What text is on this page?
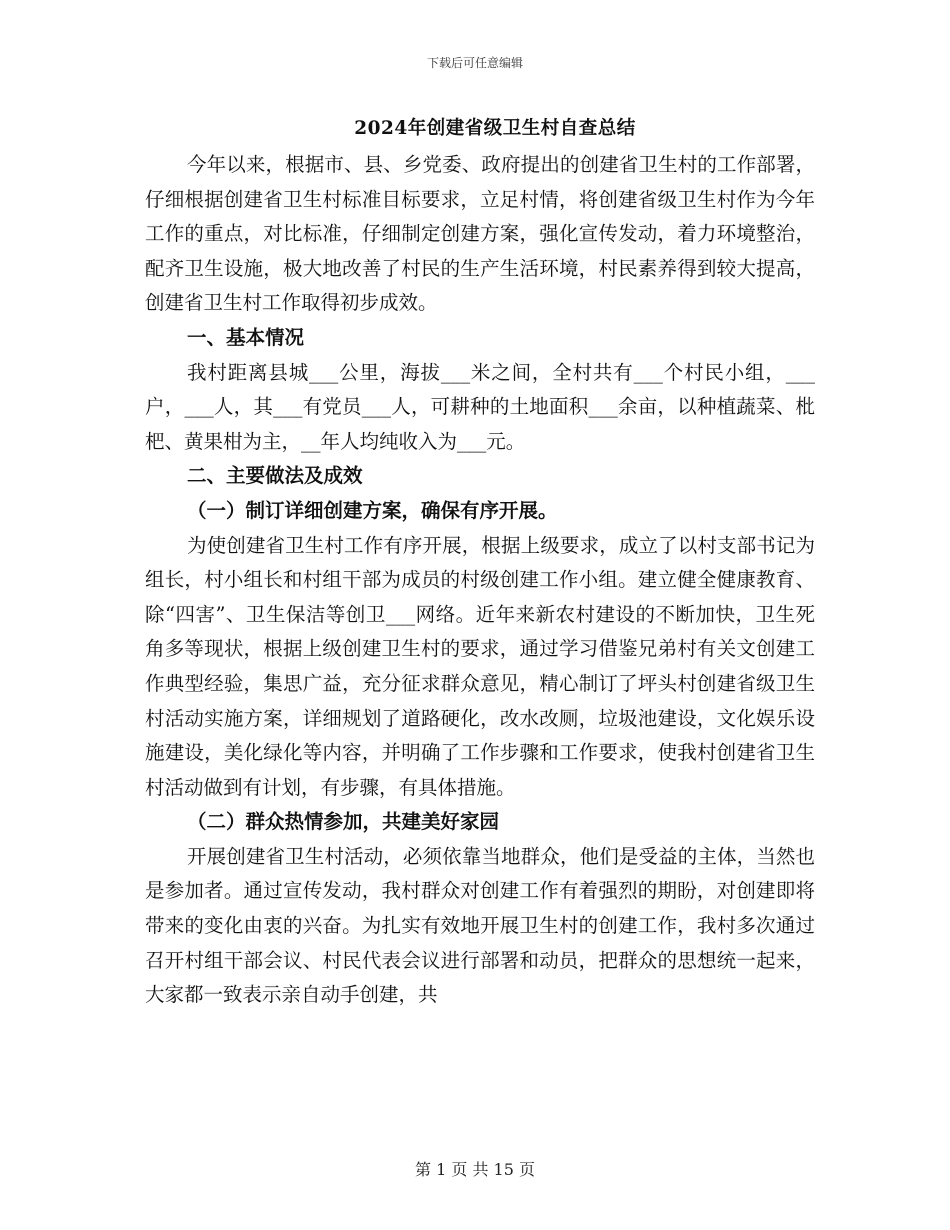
下载后可任意编辑
2024年创建省级卫生村自查总结

今年以来，根据市、县、乡党委、政府提出的创建省卫生村的工作部署，仔细根据创建省卫生村标准目标要求，立足村情，将创建省级卫生村作为今年工作的重点，对比标准，仔细制定创建方案，强化宣传发动，着力环境整治，配齐卫生设施，极大地改善了村民的生产生活环境，村民素养得到较大提高，创建省卫生村工作取得初步成效。

一、基本情况

我村距离县城___公里，海拔___米之间，全村共有___个村民小组，___户，___人，其___有党员___人，可耕种的土地面积___余亩，以种植蔬菜、枇杷、黄果柑为主，__年人均纯收入为___元。

二、主要做法及成效

（一）制订详细创建方案，确保有序开展。

为使创建省卫生村工作有序开展，根据上级要求，成立了以村支部书记为组长，村小组长和村组干部为成员的村级创建工作小组。建立健全健康教育、除“四害”、卫生保洁等创卫___网络。近年来新农村建设的不断加快，卫生死角多等现状，根据上级创建卫生村的要求，通过学习借鉴兄弟村有关文创建工作典型经验，集思广益，充分征求群众意见，精心制订了坪头村创建省级卫生村活动实施方案，详细规划了道路硬化，改水改厕，垃圾池建设，文化娱乐设施建设，美化绿化等内容，并明确了工作步骤和工作要求，使我村创建省卫生村活动做到有计划，有步骤，有具体措施。

（二）群众热情参加，共建美好家园

开展创建省卫生村活动，必须依靠当地群众，他们是受益的主体，当然也是参加者。通过宣传发动，我村群众对创建工作有着强烈的期盼，对创建即将带来的变化由衷的兴奋。为扎实有效地开展卫生村的创建工作，我村多次通过召开村组干部会议、村民代表会议进行部署和动员，把群众的思想统一起来，大家都一致表示亲自动手创建，共

第 1 页 共 15 页
